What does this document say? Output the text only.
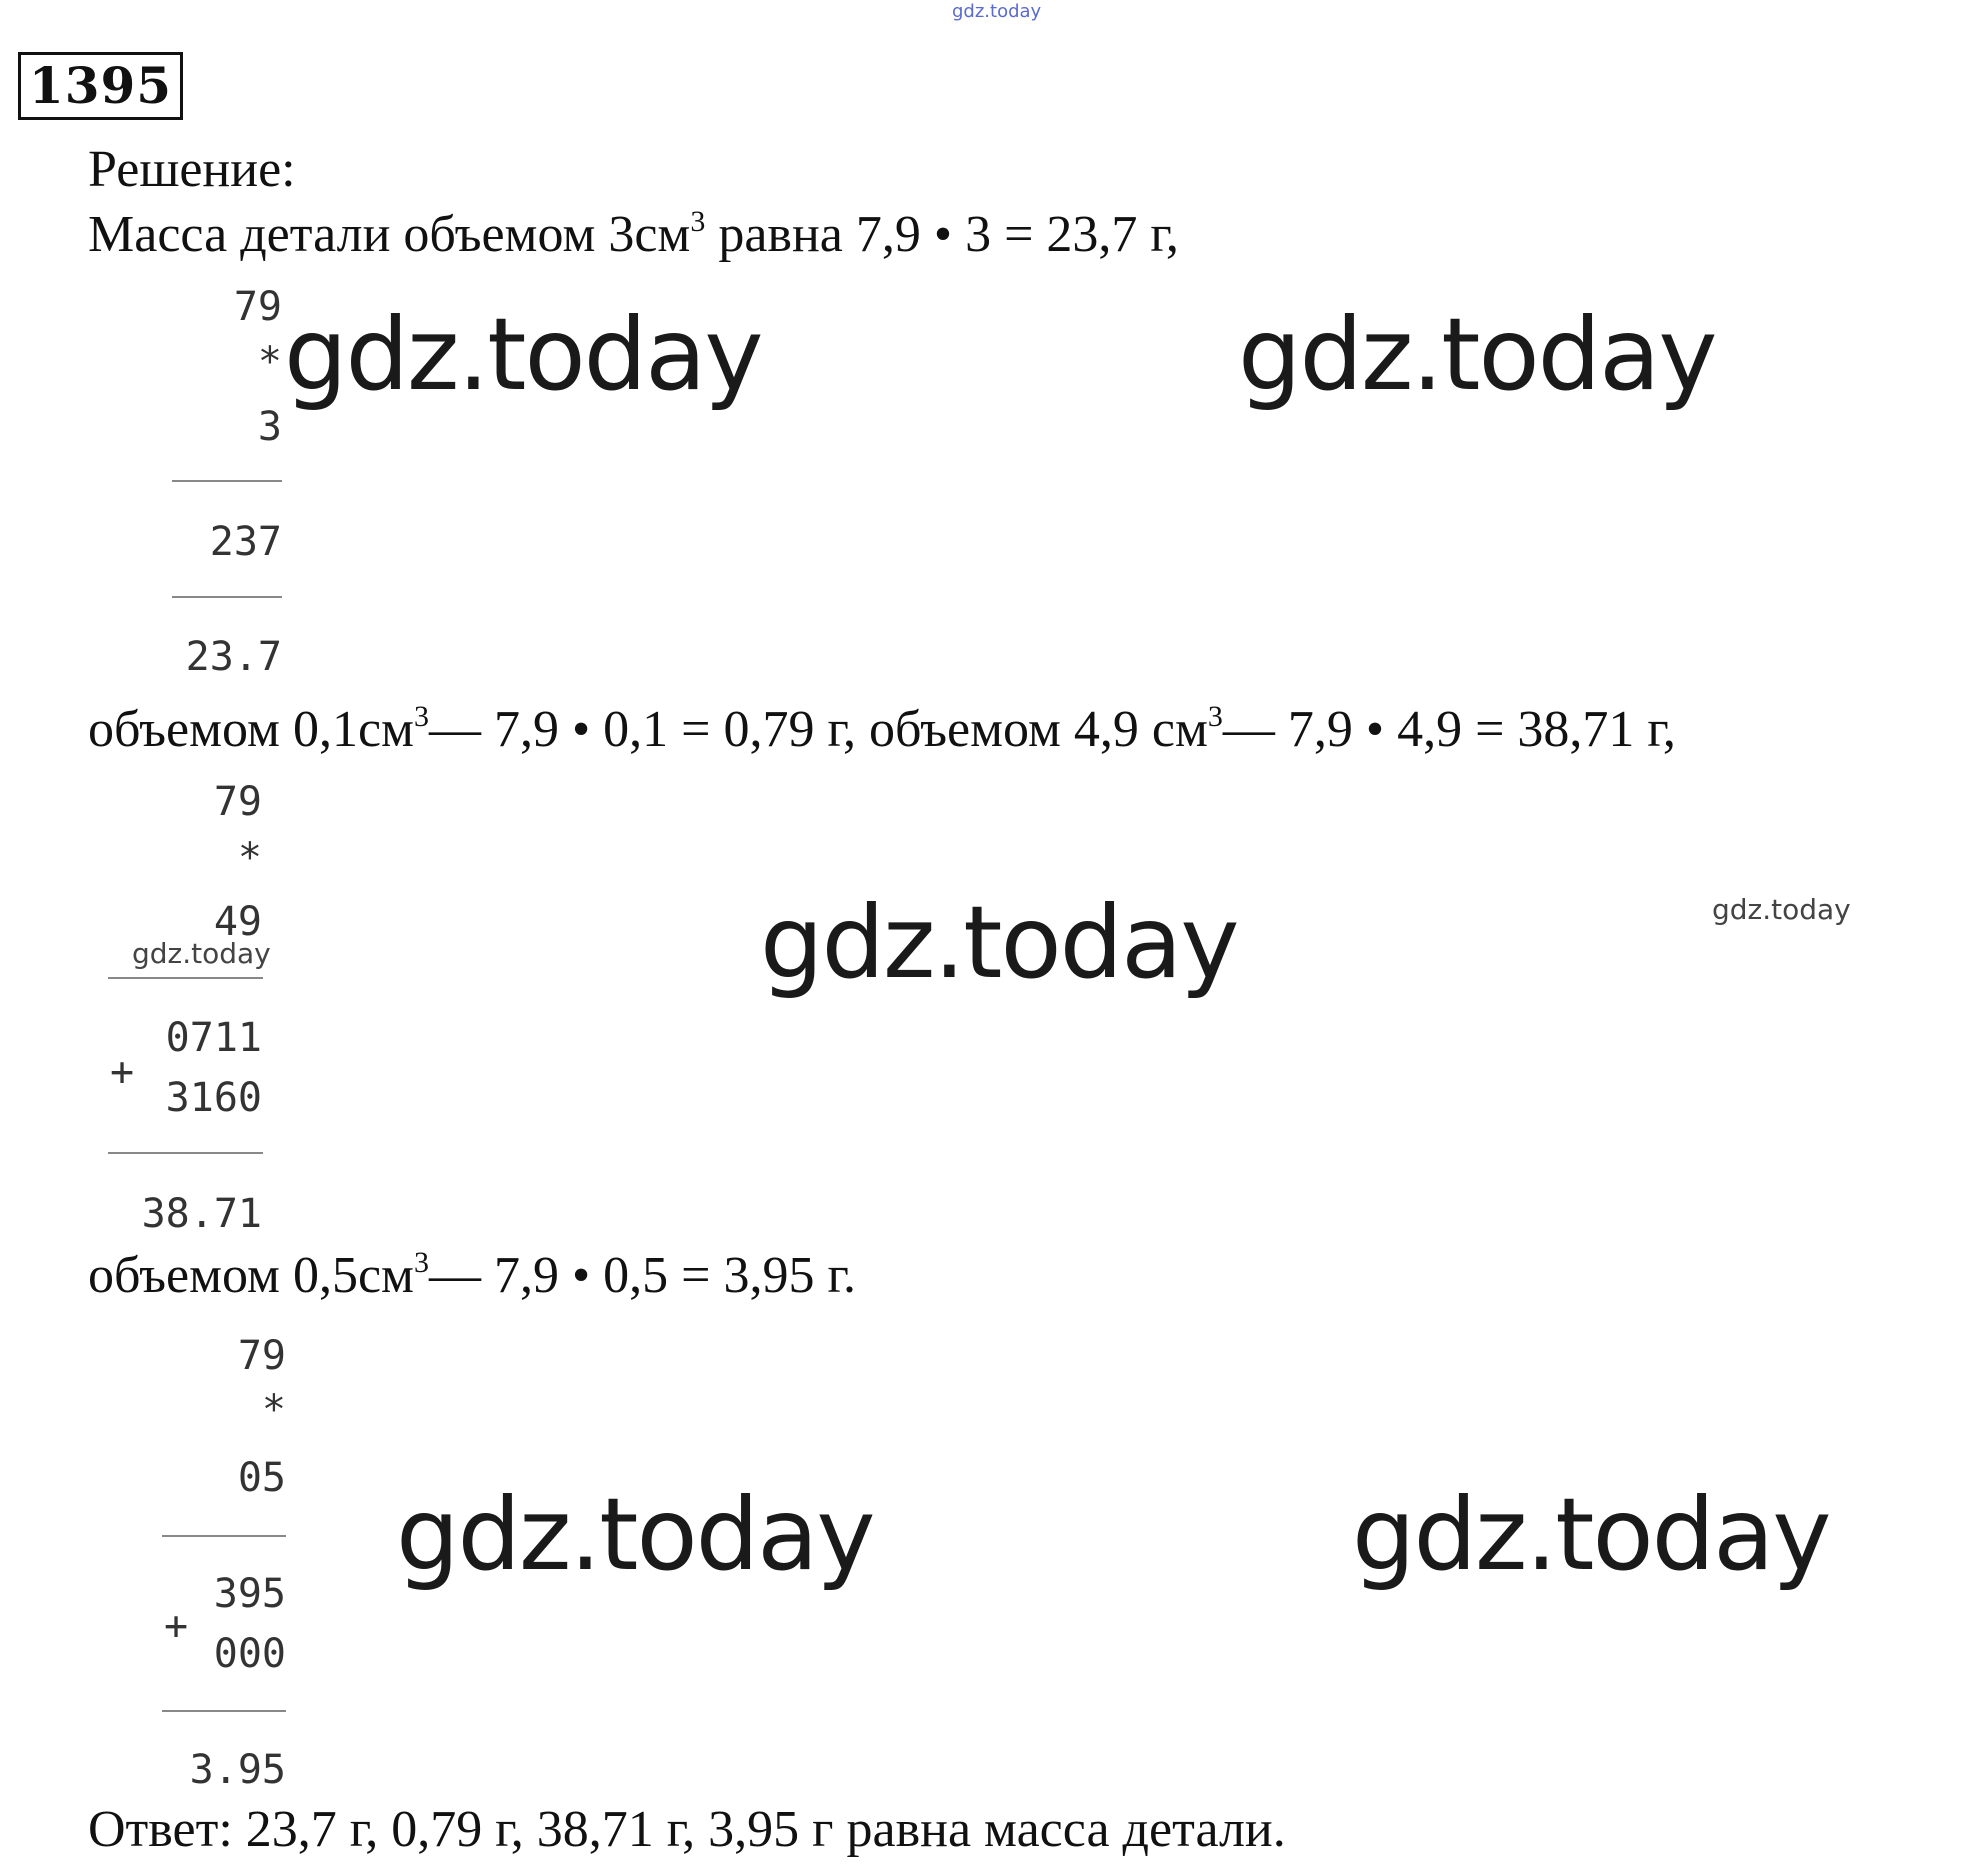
gdz.today
1395
Решение:
Масса детали объемом $3см^3$ равна 7,9 • 3 = 23,7 г,
объемом $0,1см^3—$ 7,9 • 0,1 = 0,79 г, объемом 4,9 $см^3—$ 7,9 • 4,9 = 38,71 г,
объемом $0,5см^3—$ 7,9 • 0,5 = 3,95 г.
Ответ: 23,7 г, 0,79 г, 38,71 г, 3,95 г равна масса детали.
79
*
3
237
23.7
79
*
49
0711
+
3160
38.71
79
*
05
395
+
000
3.95
gdz.today	gdz.today
gdz.today
gdz.today	gdz.today
gdz.today
gdz.today
